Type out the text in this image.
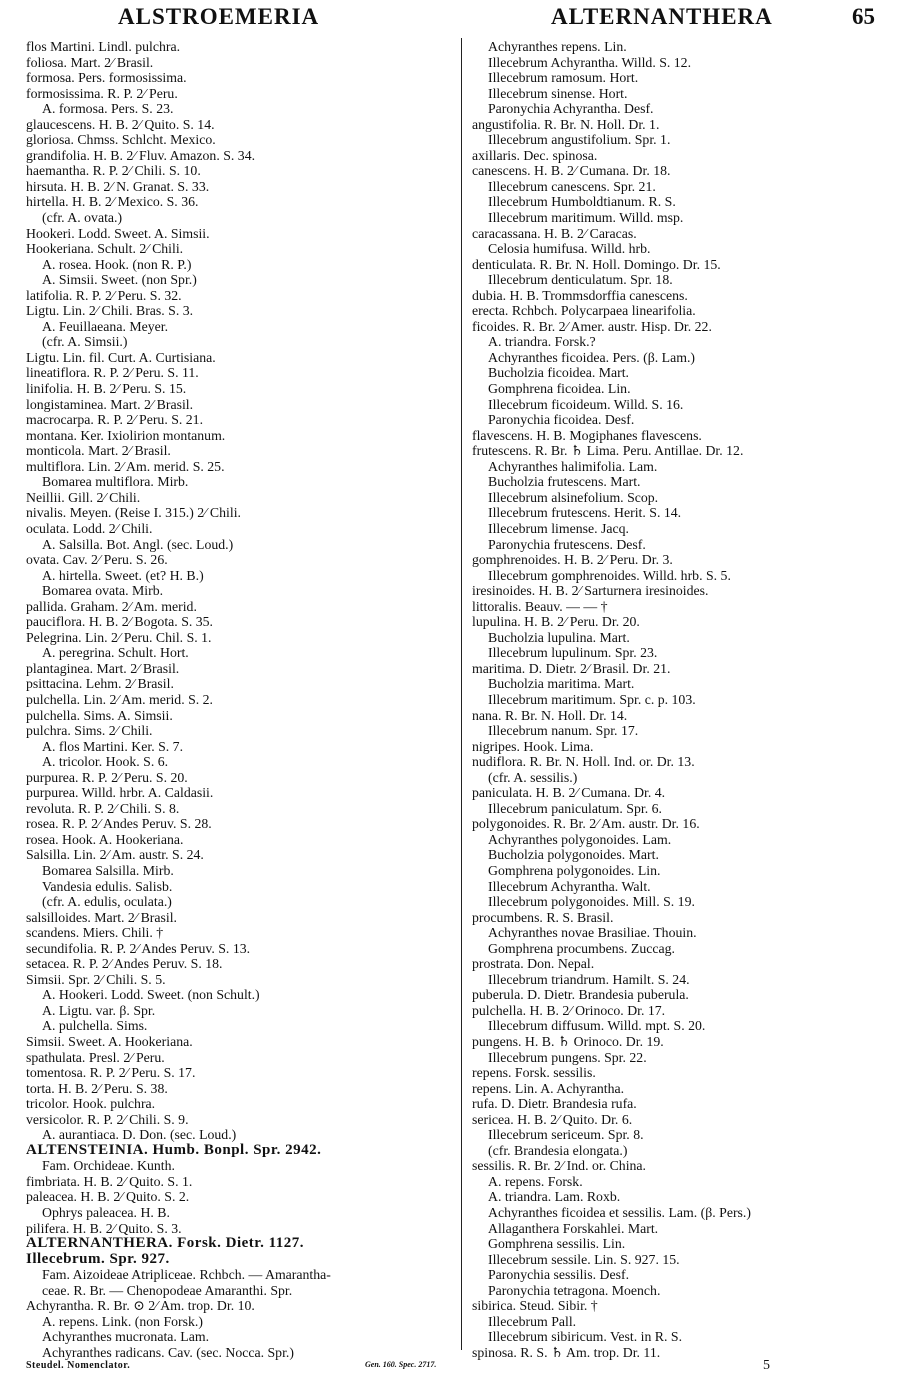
ALSTROEMERIA	ALTERNANTHERA	65
flos Martini. Lindl. pulchra.
foliosa. Mart. 2⁄ Brasil.
formosa. Pers. formosissima.
formosissima. R. P. 2⁄ Peru.
A. formosa. Pers. S. 23.
glaucescens. H. B. 2⁄ Quito. S. 14.
gloriosa. Chmss. Schlcht. Mexico.
grandifolia. H. B. 2⁄ Fluv. Amazon. S. 34.
haemantha. R. P. 2⁄ Chili. S. 10.
hirsuta. H. B. 2⁄ N. Granat. S. 33.
hirtella. H. B. 2⁄ Mexico. S. 36.
(cfr. A. ovata.)
Hookeri. Lodd. Sweet. A. Simsii.
Hookeriana. Schult. 2⁄ Chili.
A. rosea. Hook. (non R. P.)
A. Simsii. Sweet. (non Spr.)
latifolia. R. P. 2⁄ Peru. S. 32.
Ligtu. Lin. 2⁄ Chili. Bras. S. 3.
A. Feuillaeana. Meyer.
(cfr. A. Simsii.)
Ligtu. Lin. fil. Curt. A. Curtisiana.
lineatiflora. R. P. 2⁄ Peru. S. 11.
linifolia. H. B. 2⁄ Peru. S. 15.
longistaminea. Mart. 2⁄ Brasil.
macrocarpa. R. P. 2⁄ Peru. S. 21.
montana. Ker. Ixiolirion montanum.
monticola. Mart. 2⁄ Brasil.
multiflora. Lin. 2⁄ Am. merid. S. 25.
Bomarea multiflora. Mirb.
Neillii. Gill. 2⁄ Chili.
nivalis. Meyen. (Reise I. 315.) 2⁄ Chili.
oculata. Lodd. 2⁄ Chili.
A. Salsilla. Bot. Angl. (sec. Loud.)
ovata. Cav. 2⁄ Peru. S. 26.
A. hirtella. Sweet. (et? H. B.)
Bomarea ovata. Mirb.
pallida. Graham. 2⁄ Am. merid.
pauciflora. H. B. 2⁄ Bogota. S. 35.
Pelegrina. Lin. 2⁄ Peru. Chil. S. 1.
A. peregrina. Schult. Hort.
plantaginea. Mart. 2⁄ Brasil.
psittacina. Lehm. 2⁄ Brasil.
pulchella. Lin. 2⁄ Am. merid. S. 2.
pulchella. Sims. A. Simsii.
pulchra. Sims. 2⁄ Chili.
A. flos Martini. Ker. S. 7.
A. tricolor. Hook. S. 6.
purpurea. R. P. 2⁄ Peru. S. 20.
purpurea. Willd. hrbr. A. Caldasii.
revoluta. R. P. 2⁄ Chili. S. 8.
rosea. R. P. 2⁄ Andes Peruv. S. 28.
rosea. Hook. A. Hookeriana.
Salsilla. Lin. 2⁄ Am. austr. S. 24.
Bomarea Salsilla. Mirb.
Vandesia edulis. Salisb.
(cfr. A. edulis, oculata.)
salsilloides. Mart. 2⁄ Brasil.
scandens. Miers. Chili. †
secundifolia. R. P. 2⁄ Andes Peruv. S. 13.
setacea. R. P. 2⁄ Andes Peruv. S. 18.
Simsii. Spr. 2⁄ Chili. S. 5.
A. Hookeri. Lodd. Sweet. (non Schult.)
A. Ligtu. var. β. Spr.
A. pulchella. Sims.
Simsii. Sweet. A. Hookeriana.
spathulata. Presl. 2⁄ Peru.
tomentosa. R. P. 2⁄ Peru. S. 17.
torta. H. B. 2⁄ Peru. S. 38.
tricolor. Hook. pulchra.
versicolor. R. P. 2⁄ Chili. S. 9.
A. aurantiaca. D. Don. (sec. Loud.)
ALTENSTEINIA. Humb. Bonpl. Spr. 2942.
Fam. Orchideae. Kunth.
fimbriata. H. B. 2⁄ Quito. S. 1.
paleacea. H. B. 2⁄ Quito. S. 2.
Ophrys paleacea. H. B.
pilifera. H. B. 2⁄ Quito. S. 3.
ALTERNANTHERA. Forsk. Dietr. 1127.
Illecebrum. Spr. 927.
Fam. Aizoideae Atripliceae. Rchbch. — Amarantha-
ceae. R. Br. — Chenopodeae Amaranthi. Spr.
Achyrantha. R. Br. ⊙ 2⁄ Am. trop. Dr. 10.
A. repens. Link. (non Forsk.)
Achyranthes mucronata. Lam.
Achyranthes radicans. Cav. (sec. Nocca. Spr.)
Achyranthes repens. Lin.
Illecebrum Achyrantha. Willd. S. 12.
Illecebrum ramosum. Hort.
Illecebrum sinense. Hort.
Paronychia Achyrantha. Desf.
angustifolia. R. Br. N. Holl. Dr. 1.
Illecebrum angustifolium. Spr. 1.
axillaris. Dec. spinosa.
canescens. H. B. 2⁄ Cumana. Dr. 18.
Illecebrum canescens. Spr. 21.
Illecebrum Humboldtianum. R. S.
Illecebrum maritimum. Willd. msp.
caracassana. H. B. 2⁄ Caracas.
Celosia humifusa. Willd. hrb.
denticulata. R. Br. N. Holl. Domingo. Dr. 15.
Illecebrum denticulatum. Spr. 18.
dubia. H. B. Trommsdorffia canescens.
erecta. Rchbch. Polycarpaea linearifolia.
ficoides. R. Br. 2⁄ Amer. austr. Hisp. Dr. 22.
A. triandra. Forsk.?
Achyranthes ficoidea. Pers. (β. Lam.)
Bucholzia ficoidea. Mart.
Gomphrena ficoidea. Lin.
Illecebrum ficoideum. Willd. S. 16.
Paronychia ficoidea. Desf.
flavescens. H. B. Mogiphanes flavescens.
frutescens. R. Br. ♄ Lima. Peru. Antillae. Dr. 12.
Achyranthes halimifolia. Lam.
Bucholzia frutescens. Mart.
Illecebrum alsinefolium. Scop.
Illecebrum frutescens. Herit. S. 14.
Illecebrum limense. Jacq.
Paronychia frutescens. Desf.
gomphrenoides. H. B. 2⁄ Peru. Dr. 3.
Illecebrum gomphrenoides. Willd. hrb. S. 5.
iresinoides. H. B. 2⁄ Sarturnera iresinoides.
littoralis. Beauv. — — †
lupulina. H. B. 2⁄ Peru. Dr. 20.
Bucholzia lupulina. Mart.
Illecebrum lupulinum. Spr. 23.
maritima. D. Dietr. 2⁄ Brasil. Dr. 21.
Bucholzia maritima. Mart.
Illecebrum maritimum. Spr. c. p. 103.
nana. R. Br. N. Holl. Dr. 14.
Illecebrum nanum. Spr. 17.
nigripes. Hook. Lima.
nudiflora. R. Br. N. Holl. Ind. or. Dr. 13.
(cfr. A. sessilis.)
paniculata. H. B. 2⁄ Cumana. Dr. 4.
Illecebrum paniculatum. Spr. 6.
polygonoides. R. Br. 2⁄ Am. austr. Dr. 16.
Achyranthes polygonoides. Lam.
Bucholzia polygonoides. Mart.
Gomphrena polygonoides. Lin.
Illecebrum Achyrantha. Walt.
Illecebrum polygonoides. Mill. S. 19.
procumbens. R. S. Brasil.
Achyranthes novae Brasiliae. Thouin.
Gomphrena procumbens. Zuccag.
prostrata. Don. Nepal.
Illecebrum triandrum. Hamilt. S. 24.
puberula. D. Dietr. Brandesia puberula.
pulchella. H. B. 2⁄ Orinoco. Dr. 17.
Illecebrum diffusum. Willd. mpt. S. 20.
pungens. H. B. ♄ Orinoco. Dr. 19.
Illecebrum pungens. Spr. 22.
repens. Forsk. sessilis.
repens. Lin. A. Achyrantha.
rufa. D. Dietr. Brandesia rufa.
sericea. H. B. 2⁄ Quito. Dr. 6.
Illecebrum sericeum. Spr. 8.
(cfr. Brandesia elongata.)
sessilis. R. Br. 2⁄ Ind. or. China.
A. repens. Forsk.
A. triandra. Lam. Roxb.
Achyranthes ficoidea et sessilis. Lam. (β. Pers.)
Allaganthera Forskahlei. Mart.
Gomphrena sessilis. Lin.
Illecebrum sessile. Lin. S. 927. 15.
Paronychia sessilis. Desf.
Paronychia tetragona. Moench.
sibirica. Steud. Sibir. †
Illecebrum Pall.
Illecebrum sibiricum. Vest. in R. S.
spinosa. R. S. ♄ Am. trop. Dr. 11.
Steudel. Nomenclator.	Gen. 160. Spec. 2717.	5
